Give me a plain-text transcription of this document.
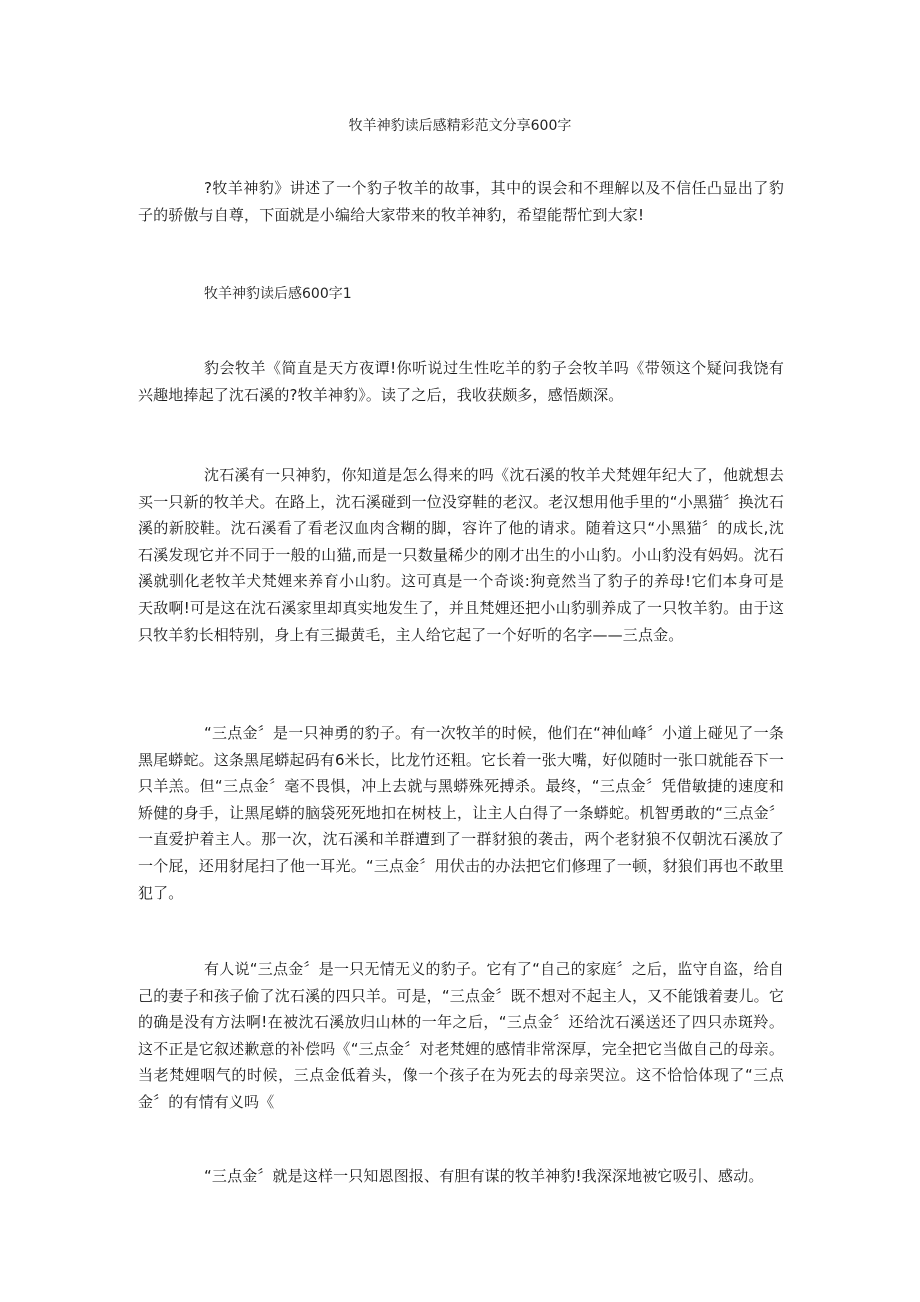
牧羊神豹读后感精彩范文分享600字

?牧羊神豹》讲述了一个豹子牧羊的故事，其中的误会和不理解以及不信任凸显出了豹子的骄傲与自尊，下面就是小编给大家带来的牧羊神豹，希望能帮忙到大家!

牧羊神豹读后感600字1

豹会牧羊《简直是天方夜谭!你听说过生性吃羊的豹子会牧羊吗《带领这个疑问我饶有兴趣地捧起了沈石溪的?牧羊神豹》。读了之后，我收获颇多，感悟颇深。

沈石溪有一只神豹，你知道是怎么得来的吗《沈石溪的牧羊犬梵娌年纪大了，他就想去买一只新的牧羊犬。在路上，沈石溪碰到一位没穿鞋的老汉。老汉想用他手里的“小黑猫〞换沈石溪的新胶鞋。沈石溪看了看老汉血肉含糊的脚，容许了他的请求。随着这只“小黑猫〞的成长,沈石溪发现它并不同于一般的山猫,而是一只数量稀少的刚才出生的小山豹。小山豹没有妈妈。沈石溪就驯化老牧羊犬梵娌来养育小山豹。这可真是一个奇谈:狗竟然当了豹子的养母!它们本身可是天敌啊!可是这在沈石溪家里却真实地发生了，并且梵娌还把小山豹驯养成了一只牧羊豹。由于这只牧羊豹长相特别，身上有三撮黄毛，主人给它起了一个好听的名字——三点金。

“三点金〞是一只神勇的豹子。有一次牧羊的时候，他们在“神仙峰〞小道上碰见了一条黑尾蟒蛇。这条黑尾蟒起码有6米长，比龙竹还粗。它长着一张大嘴，好似随时一张口就能吞下一只羊羔。但“三点金〞毫不畏惧，冲上去就与黑蟒殊死搏杀。最终，“三点金〞凭借敏捷的速度和矫健的身手，让黑尾蟒的脑袋死死地扣在树枝上，让主人白得了一条蟒蛇。机智勇敢的“三点金〞一直爱护着主人。那一次，沈石溪和羊群遭到了一群豺狼的袭击，两个老豺狼不仅朝沈石溪放了一个屁，还用豺尾扫了他一耳光。“三点金〞用伏击的办法把它们修理了一顿，豺狼们再也不敢里犯了。

有人说“三点金〞是一只无情无义的豹子。它有了“自己的家庭〞之后，监守自盗，给自己的妻子和孩子偷了沈石溪的四只羊。可是，“三点金〞既不想对不起主人，又不能饿着妻儿。它的确是没有方法啊!在被沈石溪放归山林的一年之后，“三点金〞还给沈石溪送还了四只赤斑羚。这不正是它叙述歉意的补偿吗《“三点金〞对老梵娌的感情非常深厚，完全把它当做自己的母亲。当老梵娌咽气的时候，三点金低着头，像一个孩子在为死去的母亲哭泣。这不恰恰体现了“三点金〞的有情有义吗《

“三点金〞就是这样一只知恩图报、有胆有谋的牧羊神豹!我深深地被它吸引、感动。
